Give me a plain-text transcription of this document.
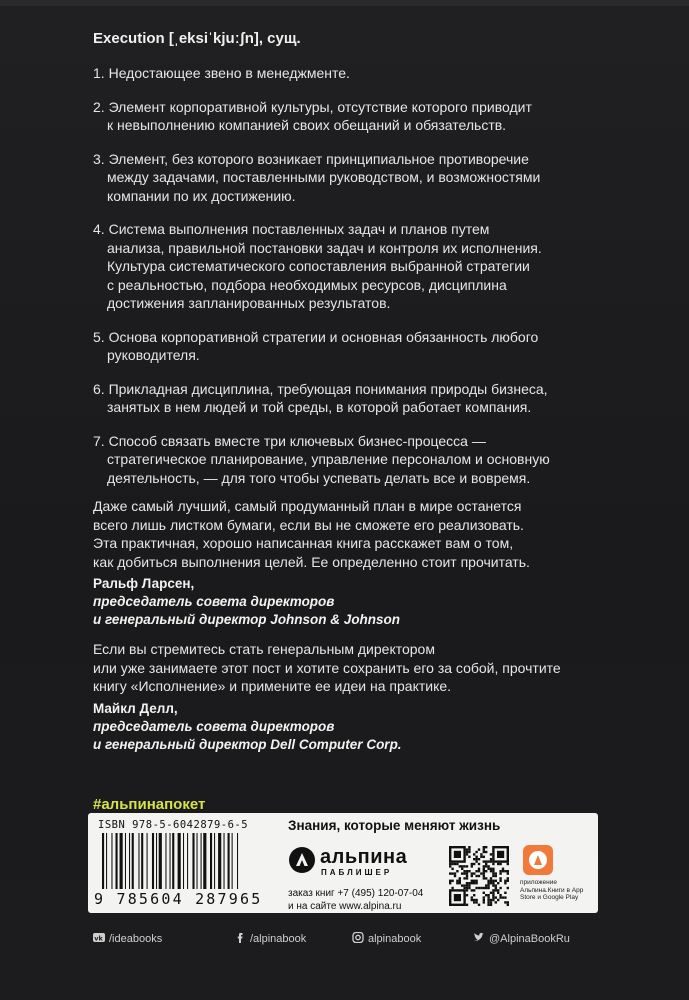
Execution [ˌeksiˈkjuːʃn], сущ.
1. Недостающее звено в менеджменте.
2. Элемент корпоративной культуры, отсутствие которого приводит
к невыполнению компанией своих обещаний и обязательств.
3. Элемент, без которого возникает принципиальное противоречие
между задачами, поставленными руководством, и возможностями
компании по их достижению.
4. Система выполнения поставленных задач и планов путем
анализа, правильной постановки задач и контроля их исполнения.
Культура систематического сопоставления выбранной стратегии
с реальностью, подбора необходимых ресурсов, дисциплина
достижения запланированных результатов.
5. Основа корпоративной стратегии и основная обязанность любого
руководителя.
6. Прикладная дисциплина, требующая понимания природы бизнеса,
занятых в нем людей и той среды, в которой работает компания.
7. Способ связать вместе три ключевых бизнес-процесса —
стратегическое планирование, управление персоналом и основную
деятельность, — для того чтобы успевать делать все и вовремя.

Даже самый лучший, самый продуманный план в мире останется

всего лишь листком бумаги, если вы не сможете его реализовать.

Эта практичная, хорошо написанная книга расскажет вам о том,

как добиться выполнения целей. Ее определенно стоит прочитать.

Ральф Ларсен,
председатель совета директоров
и генеральный директор Johnson & Johnson

Если вы стремитесь стать генеральным директором

или уже занимаете этот пост и хотите сохранить его за собой, прочтите

книгу «Исполнение» и примените ее идеи на практике.

Майкл Делл,
председатель совета директоров
и генеральный директор Dell Computer Corp.
#альпинапокет
ISBN 978-5-6042879-6-5
9 785604 287965
Знания, которые меняют жизнь
альпина
ПАБЛИШЕР
заказ книг +7 (495) 120-07-04
и на сайте www.alpina.ru
приложение Альпина.Книги в App Store и Google Play
vk /ideabooks	/alpinabook	alpinabook	@AlpinaBookRu
